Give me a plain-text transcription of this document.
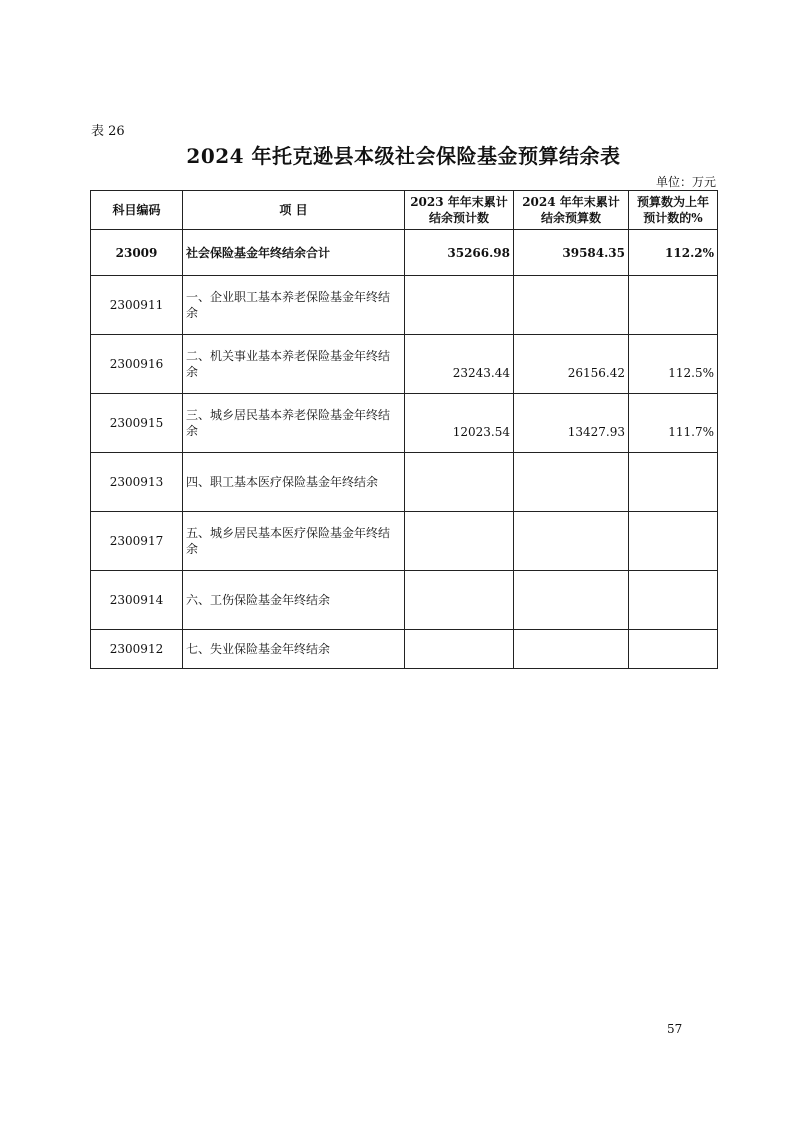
表 26
2024 年托克逊县本级社会保险基金预算结余表
单位：万元
科目编码	项 目	2023 年年末累计结余预计数	2024 年年末累计结余预算数	预算数为上年预计数的%
23009	社会保险基金年终结余合计	35266.98	39584.35	112.2%
2300911	一、企业职工基本养老保险基金年终结余			
2300916	二、机关事业基本养老保险基金年终结余	23243.44	26156.42	112.5%
2300915	三、城乡居民基本养老保险基金年终结余	12023.54	13427.93	111.7%
2300913	四、职工基本医疗保险基金年终结余			
2300917	五、城乡居民基本医疗保险基金年终结余			
2300914	六、工伤保险基金年终结余			
2300912	七、失业保险基金年终结余			
57
